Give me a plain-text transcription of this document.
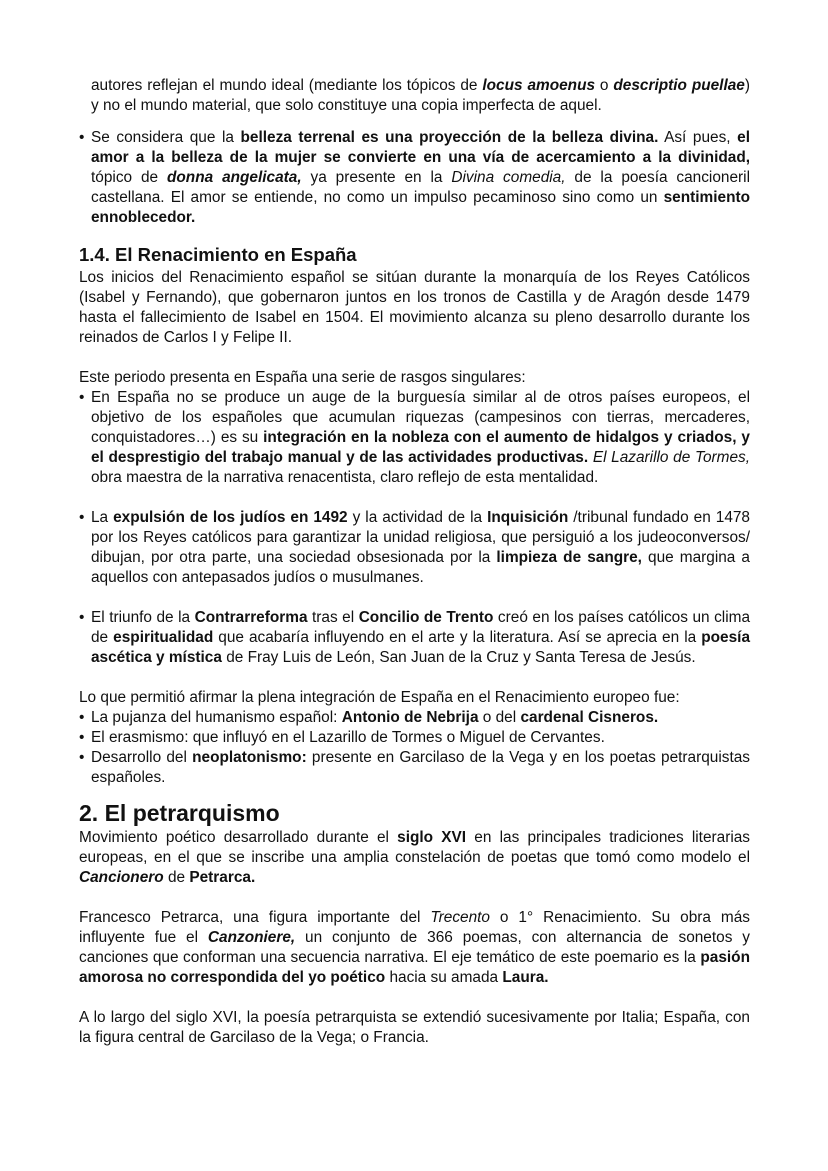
autores reflejan el mundo ideal (mediante los tópicos de locus amoenus o descriptio puellae) y no el mundo material, que solo constituye una copia imperfecta de aquel.

• Se considera que la belleza terrenal es una proyección de la belleza divina. Así pues, el amor a la belleza de la mujer se convierte en una vía de acercamiento a la divinidad, tópico de donna angelicata, ya presente en la Divina comedia, de la poesía cancioneril castellana. El amor se entiende, no como un impulso pecaminoso sino como un sentimiento ennoblecedor.
1.4. El Renacimiento en España

Los inicios del Renacimiento español se sitúan durante la monarquía de los Reyes Católicos (Isabel y Fernando), que gobernaron juntos en los tronos de Castilla y de Aragón desde 1479 hasta el fallecimiento de Isabel en 1504. El movimiento alcanza su pleno desarrollo durante los reinados de Carlos I y Felipe II.

Este periodo presenta en España una serie de rasgos singulares:

• En España no se produce un auge de la burguesía similar al de otros países europeos, el objetivo de los españoles que acumulan riquezas (campesinos con tierras, mercaderes, conquistadores…) es su integración en la nobleza con el aumento de hidalgos y criados, y el desprestigio del trabajo manual y de las actividades productivas. El Lazarillo de Tormes, obra maestra de la narrativa renacentista, claro reflejo de esta mentalidad.
• La expulsión de los judíos en 1492 y la actividad de la Inquisición /tribunal fundado en 1478 por los Reyes católicos para garantizar la unidad religiosa, que persiguió a los judeoconversos/ dibujan, por otra parte, una sociedad obsesionada por la limpieza de sangre, que margina a aquellos con antepasados judíos o musulmanes.
• El triunfo de la Contrarreforma tras el Concilio de Trento creó en los países católicos un clima de espiritualidad que acabaría influyendo en el arte y la literatura. Así se aprecia en la poesía ascética y mística de Fray Luis de León, San Juan de la Cruz y Santa Teresa de Jesús.

Lo que permitió afirmar la plena integración de España en el Renacimiento europeo fue:

• La pujanza del humanismo español: Antonio de Nebrija o del cardenal Cisneros.
• El erasmismo: que influyó en el Lazarillo de Tormes o Miguel de Cervantes.
• Desarrollo del neoplatonismo: presente en Garcilaso de la Vega y en los poetas petrarquistas españoles.
2. El petrarquismo

Movimiento poético desarrollado durante el siglo XVI en las principales tradiciones literarias europeas, en el que se inscribe una amplia constelación de poetas que tomó como modelo el Cancionero de Petrarca.

Francesco Petrarca, una figura importante del Trecento o 1° Renacimiento. Su obra más influyente fue el Canzoniere, un conjunto de 366 poemas, con alternancia de sonetos y canciones que conforman una secuencia narrativa. El eje temático de este poemario es la pasión amorosa no correspondida del yo poético hacia su amada Laura.

A lo largo del siglo XVI, la poesía petrarquista se extendió sucesivamente por Italia; España, con la figura central de Garcilaso de la Vega; o Francia.
